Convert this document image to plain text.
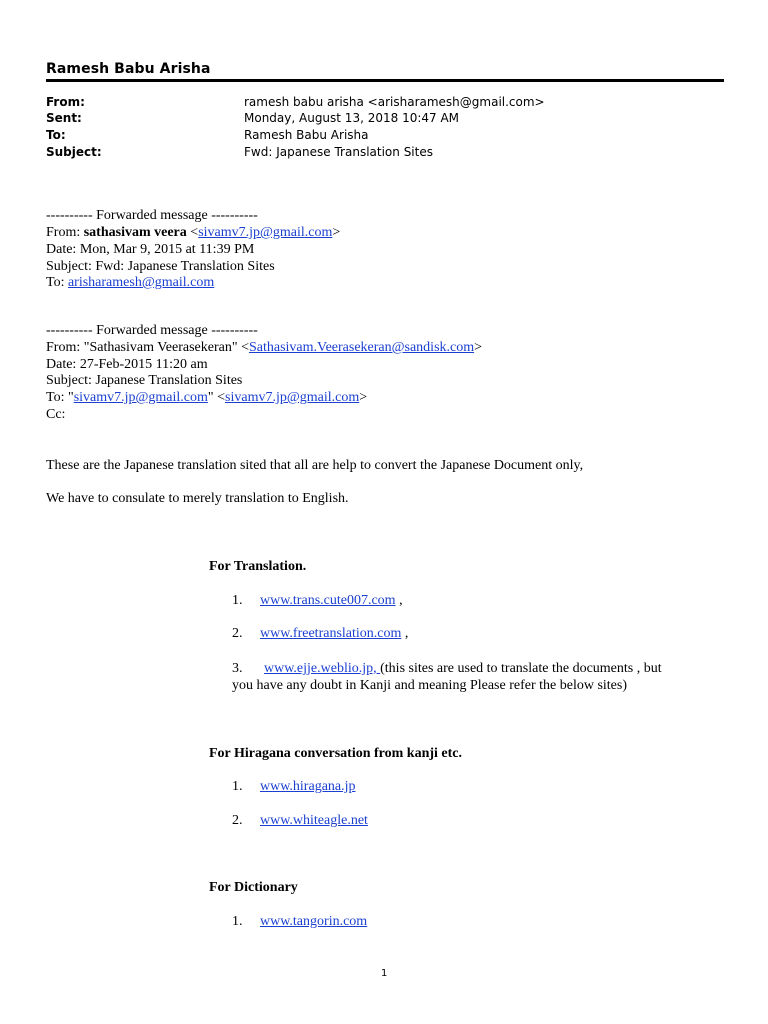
Ramesh Babu Arisha
From:	ramesh babu arisha <arisharamesh@gmail.com>
Sent:	Monday, August 13, 2018 10:47 AM
To:	Ramesh Babu Arisha
Subject:	Fwd: Japanese Translation Sites
---------- Forwarded message ----------
From: sathasivam veera <sivamv7.jp@gmail.com>
Date: Mon, Mar 9, 2015 at 11:39 PM
Subject: Fwd: Japanese Translation Sites
To: arisharamesh@gmail.com
---------- Forwarded message ----------
From: "Sathasivam Veerasekeran" <Sathasivam.Veerasekeran@sandisk.com>
Date: 27-Feb-2015 11:20 am
Subject: Japanese Translation Sites
To: "sivamv7.jp@gmail.com" <sivamv7.jp@gmail.com>
Cc:
These are the Japanese translation sited that all are help to convert the Japanese Document only,
We have to consulate to merely translation to English.
For Translation.
1. www.trans.cute007.com ,
2. www.freetranslation.com ,
3. www.ejje.weblio.jp, (this sites are used to translate the documents , but
you have any doubt in Kanji and meaning Please refer the below sites)
For Hiragana conversation from kanji etc.
1. www.hiragana.jp
2. www.whiteagle.net
For Dictionary
1. www.tangorin.com
1
